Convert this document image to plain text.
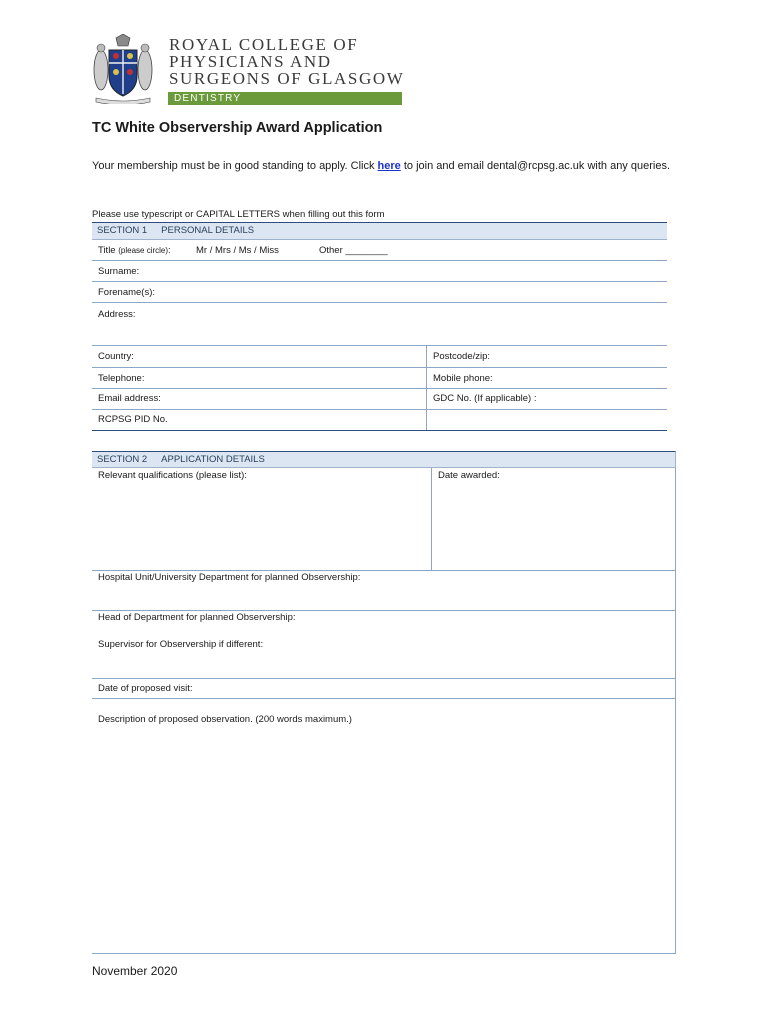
ROYAL COLLEGE OF
PHYSICIANS AND
SURGEONS OF GLASGOW

DENTISTRY
TC White Observership Award Application

Your membership must be in good standing to apply. Click here to join and email dental@rcpsg.ac.uk with any queries.

Please use typescript or CAPITAL LETTERS when filling out this form

SECTION 1 PERSONAL DETAILS
Title (please circle):	Mr / Mrs / Ms / Miss	Other ________
Surname:
Forename(s):
Address:
Country:	Postcode/zip:
Telephone:	Mobile phone:
Email address:	GDC No. (If applicable) :
RCPSG PID No.
SECTION 2 APPLICATION DETAILS
Relevant qualifications (please list):	Date awarded:
Hospital Unit/University Department for planned Observership:
Head of Department for planned Observership:
Supervisor for Observership if different:
Date of proposed visit:
Description of proposed observation. (200 words maximum.)

November 2020
